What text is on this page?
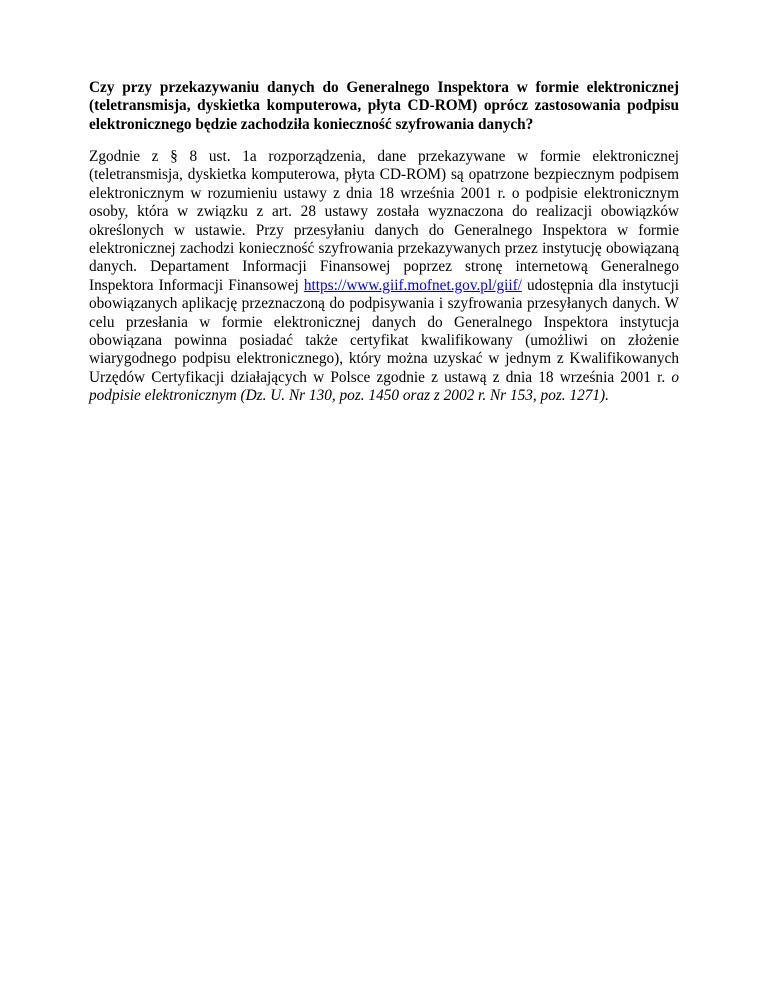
Czy przy przekazywaniu danych do Generalnego Inspektora w formie elektronicznej (teletransmisja, dyskietka komputerowa, płyta CD-ROM) oprócz zastosowania podpisu elektronicznego będzie zachodziła konieczność szyfrowania danych?

Zgodnie z § 8 ust. 1a rozporządzenia, dane przekazywane w formie elektronicznej (teletransmisja, dyskietka komputerowa, płyta CD-ROM) są opatrzone bezpiecznym podpisem elektronicznym w rozumieniu ustawy z dnia 18 września 2001 r. o podpisie elektronicznym osoby, która w związku z art. 28 ustawy została wyznaczona do realizacji obowiązków określonych w ustawie. Przy przesyłaniu danych do Generalnego Inspektora w formie elektronicznej zachodzi konieczność szyfrowania przekazywanych przez instytucję obowiązaną danych. Departament Informacji Finansowej poprzez stronę internetową Generalnego Inspektora Informacji Finansowej https://www.giif.mofnet.gov.pl/giif/ udostępnia dla instytucji obowiązanych aplikację przeznaczoną do podpisywania i szyfrowania przesyłanych danych. W celu przesłania w formie elektronicznej danych do Generalnego Inspektora instytucja obowiązana powinna posiadać także certyfikat kwalifikowany (umożliwi on złożenie wiarygodnego podpisu elektronicznego), który można uzyskać w jednym z Kwalifikowanych Urzędów Certyfikacji działających w Polsce zgodnie z ustawą z dnia 18 września 2001 r. o podpisie elektronicznym (Dz. U. Nr 130, poz. 1450 oraz z 2002 r. Nr 153, poz. 1271).
